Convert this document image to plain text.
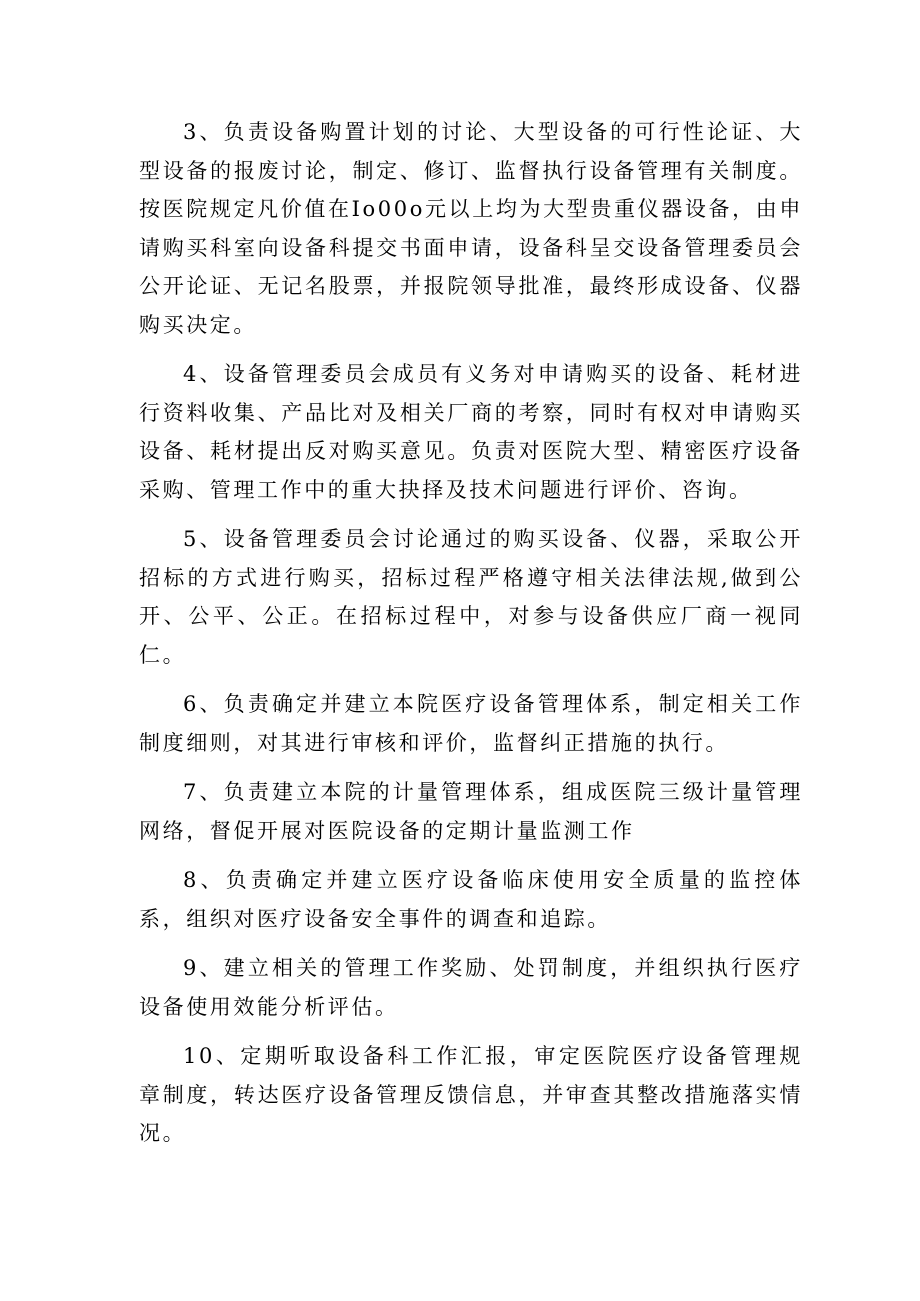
3、负责设备购置计划的讨论、大型设备的可行性论证、大型设备的报废讨论，制定、修订、监督执行设备管理有关制度。按医院规定凡价值在Io00o元以上均为大型贵重仪器设备，由申请购买科室向设备科提交书面申请，设备科呈交设备管理委员会公开论证、无记名股票，并报院领导批准，最终形成设备、仪器购买决定。

4、设备管理委员会成员有义务对申请购买的设备、耗材进行资料收集、产品比对及相关厂商的考察，同时有权对申请购买设备、耗材提出反对购买意见。负责对医院大型、精密医疗设备采购、管理工作中的重大抉择及技术问题进行评价、咨询。

5、设备管理委员会讨论通过的购买设备、仪器，采取公开招标的方式进行购买，招标过程严格遵守相关法律法规,做到公开、公平、公正。在招标过程中，对参与设备供应厂商一视同仁。

6、负责确定并建立本院医疗设备管理体系，制定相关工作制度细则，对其进行审核和评价，监督纠正措施的执行。

7、负责建立本院的计量管理体系，组成医院三级计量管理网络，督促开展对医院设备的定期计量监测工作

8、负责确定并建立医疗设备临床使用安全质量的监控体系，组织对医疗设备安全事件的调查和追踪。

9、建立相关的管理工作奖励、处罚制度，并组织执行医疗设备使用效能分析评估。

10、定期听取设备科工作汇报，审定医院医疗设备管理规章制度，转达医疗设备管理反馈信息，并审查其整改措施落实情况。
